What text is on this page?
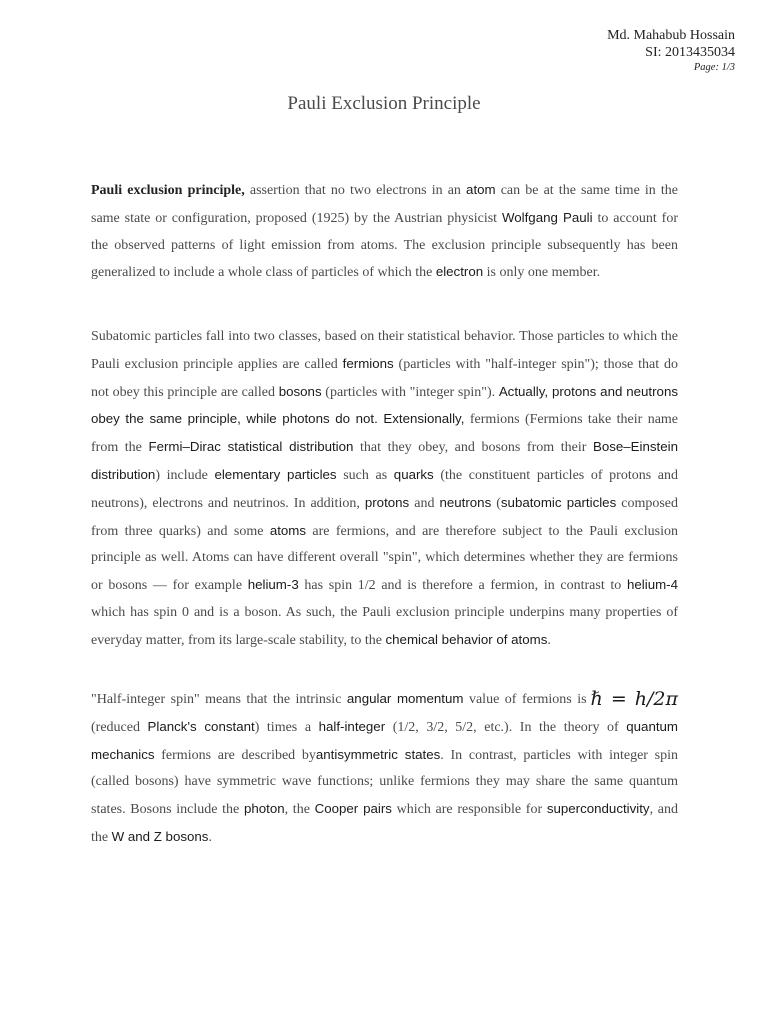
Md. Mahabub Hossain
SI: 2013435034
Page: 1/3
Pauli Exclusion Principle
Pauli exclusion principle, assertion that no two electrons in an atom can be at the same time in the same state or configuration, proposed (1925) by the Austrian physicist Wolfgang Pauli to account for the observed patterns of light emission from atoms. The exclusion principle subsequently has been generalized to include a whole class of particles of which the electron is only one member.
Subatomic particles fall into two classes, based on their statistical behavior. Those particles to which the Pauli exclusion principle applies are called fermions (particles with "half-integer spin"); those that do not obey this principle are called bosons (particles with "integer spin"). Actually, protons and neutrons obey the same principle, while photons do not. Extensionally, fermions (Fermions take their name from the Fermi–Dirac statistical distribution that they obey, and bosons from their Bose–Einstein distribution) include elementary particles such as quarks (the constituent particles of protons and neutrons), electrons and neutrinos. In addition, protons and neutrons (subatomic particles composed from three quarks) and some atoms are fermions, and are therefore subject to the Pauli exclusion principle as well. Atoms can have different overall "spin", which determines whether they are fermions or bosons — for example helium-3 has spin 1/2 and is therefore a fermion, in contrast to helium-4 which has spin 0 and is a boson. As such, the Pauli exclusion principle underpins many properties of everyday matter, from its large-scale stability, to the chemical behavior of atoms.
"Half-integer spin" means that the intrinsic angular momentum value of fermions is ℏ = h/2π (reduced Planck's constant) times a half-integer (1/2, 3/2, 5/2, etc.). In the theory of quantum mechanics fermions are described byantisymmetric states. In contrast, particles with integer spin (called bosons) have symmetric wave functions; unlike fermions they may share the same quantum states. Bosons include the photon, the Cooper pairs which are responsible for superconductivity, and the W and Z bosons.
